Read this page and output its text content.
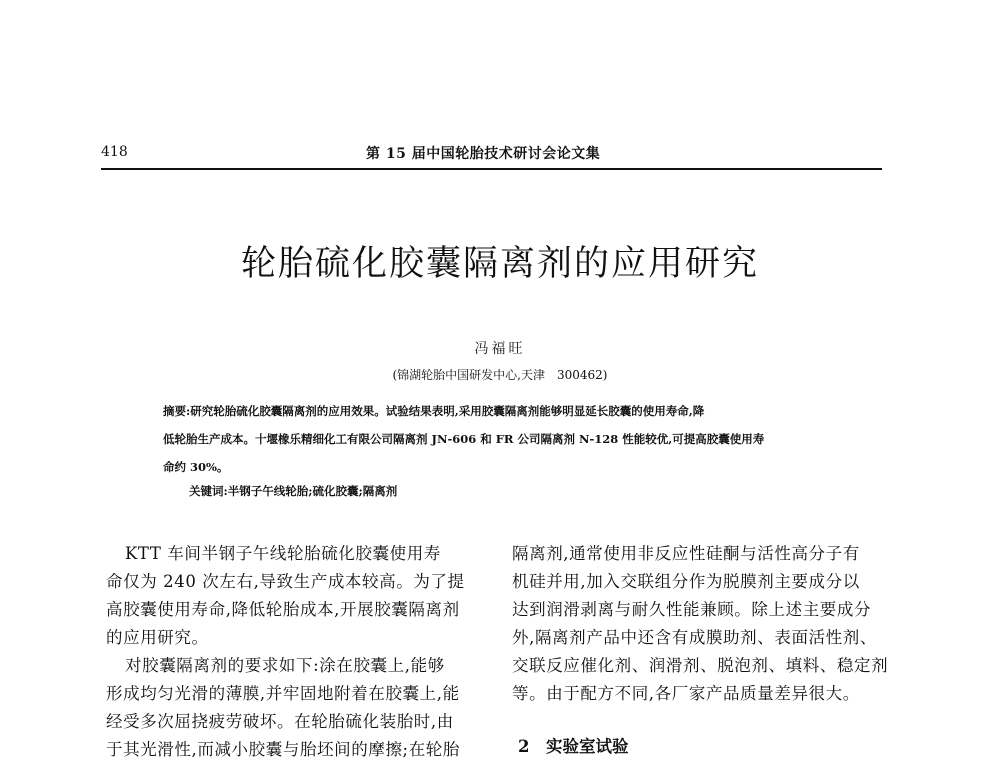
418	第 15 届中国轮胎技术研讨会论文集
轮胎硫化胶囊隔离剂的应用研究
冯福旺
(锦湖轮胎中国研发中心,天津　300462)
摘要:研究轮胎硫化胶囊隔离剂的应用效果。试验结果表明,采用胶囊隔离剂能够明显延长胶囊的使用寿命,降
低轮胎生产成本。十堰橡乐精细化工有限公司隔离剂 JN-606 和 FR 公司隔离剂 N-128 性能较优,可提高胶囊使用寿
命约 30%。
关键词:半钢子午线轮胎;硫化胶囊;隔离剂
KTT 车间半钢子午线轮胎硫化胶囊使用寿
命仅为 240 次左右,导致生产成本较高。为了提
高胶囊使用寿命,降低轮胎成本,开展胶囊隔离剂
的应用研究。
对胶囊隔离剂的要求如下:涂在胶囊上,能够
形成均匀光滑的薄膜,并牢固地附着在胶囊上,能
经受多次屈挠疲劳破坏。在轮胎硫化装胎时,由
于其光滑性,而减小胶囊与胎坯间的摩擦;在轮胎
隔离剂,通常使用非反应性硅酮与活性高分子有
机硅并用,加入交联组分作为脱膜剂主要成分以
达到润滑剥离与耐久性能兼顾。除上述主要成分
外,隔离剂产品中还含有成膜助剂、表面活性剂、
交联反应催化剂、润滑剂、脱泡剂、填料、稳定剂
等。由于配方不同,各厂家产品质量差异很大。
2　实验室试验
